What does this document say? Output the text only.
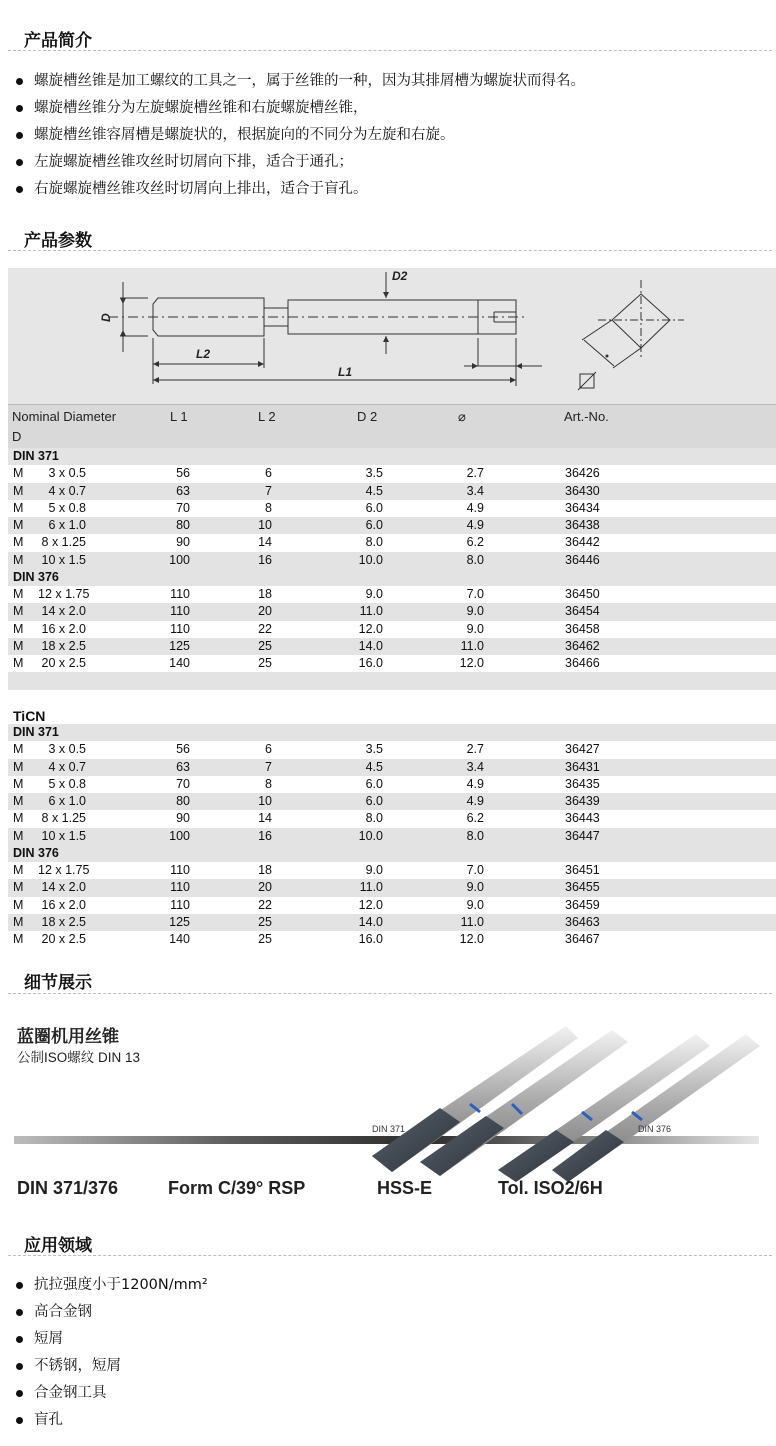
产品简介
螺旋槽丝锥是加工螺纹的工具之一，属于丝锥的一种，因为其排屑槽为螺旋状而得名。
螺旋槽丝锥分为左旋螺旋槽丝锥和右旋螺旋槽丝锥，
螺旋槽丝锥容屑槽是螺旋状的，根据旋向的不同分为左旋和右旋。
左旋螺旋槽丝锥攻丝时切屑向下排，适合于通孔；
右旋螺旋槽丝锥攻丝时切屑向上排出，适合于盲孔。
产品参数
D
D2
L2
L1
Nominal Diameter
D
L 1	L 2	D 2	⌀	Art.-No.
DIN 371
M	3 x 0.5	56	6	3.5	2.7	36426
M	4 x 0.7	63	7	4.5	3.4	36430
M	5 x 0.8	70	8	6.0	4.9	36434
M	6 x 1.0	80	10	6.0	4.9	36438
M 8 x 1.25	90	14	8.0	6.2	36442
M 10 x 1.5	100	16	10.0	8.0	36446
DIN 376
M 12 x 1.75	110	18	9.0	7.0	36450
M 14 x 2.0	110	20	11.0	9.0	36454
M 16 x 2.0	110	22	12.0	9.0	36458
M 18 x 2.5	125	25	14.0	11.0	36462
M 20 x 2.5	140	25	16.0	12.0	36466
TiCN
DIN 371
M	3 x 0.5	56	6	3.5	2.7	36427
M	4 x 0.7	63	7	4.5	3.4	36431
M	5 x 0.8	70	8	6.0	4.9	36435
M	6 x 1.0	80	10	6.0	4.9	36439
M 8 x 1.25	90	14	8.0	6.2	36443
M 10 x 1.5	100	16	10.0	8.0	36447
DIN 376
M 12 x 1.75	110	18	9.0	7.0	36451
M 14 x 2.0	110	20	11.0	9.0	36455
M 16 x 2.0	110	22	12.0	9.0	36459
M 18 x 2.5	125	25	14.0	11.0	36463
M 20 x 2.5	140	25	16.0	12.0	36467
细节展示
蓝圈机用丝锥
公制ISO螺纹 DIN 13
DIN 371	DIN 376
DIN 371/376	Form C/39° RSP	HSS-E	Tol. ISO2/6H
应用领域
抗拉强度小于1200N/mm²
高合金钢
短屑
不锈钢，短屑
合金钢工具
盲孔
